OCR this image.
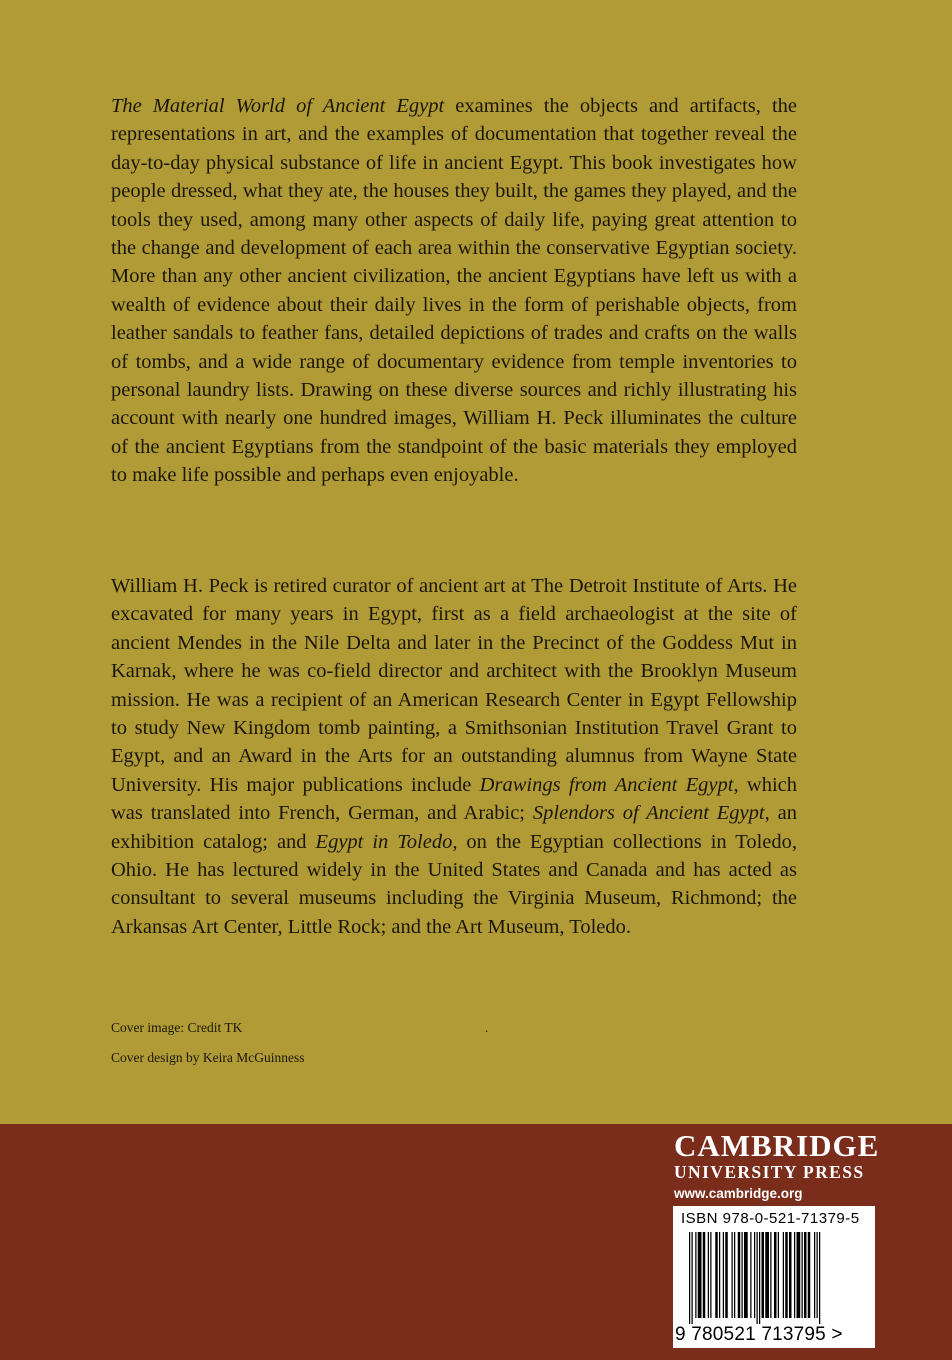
The Material World of Ancient Egypt examines the objects and artifacts, the representations in art, and the examples of documentation that together reveal the day-to-day physical substance of life in ancient Egypt. This book investigates how people dressed, what they ate, the houses they built, the games they played, and the tools they used, among many other aspects of daily life, paying great attention to the change and development of each area within the conservative Egyptian society. More than any other ancient civilization, the ancient Egyptians have left us with a wealth of evidence about their daily lives in the form of perishable objects, from leather sandals to feather fans, detailed depictions of trades and crafts on the walls of tombs, and a wide range of documentary evidence from temple inventories to personal laundry lists. Drawing on these diverse sources and richly illustrating his account with nearly one hundred images, William H. Peck illuminates the culture of the ancient Egyptians from the standpoint of the basic materials they employed to make life possible and perhaps even enjoyable.

William H. Peck is retired curator of ancient art at The Detroit Institute of Arts. He excavated for many years in Egypt, first as a field archaeologist at the site of ancient Mendes in the Nile Delta and later in the Precinct of the Goddess Mut in Karnak, where he was co-field director and architect with the Brooklyn Museum mission. He was a recipient of an American Research Center in Egypt Fellowship to study New Kingdom tomb painting, a Smithsonian Institution Travel Grant to Egypt, and an Award in the Arts for an outstanding alumnus from Wayne State University. His major publications include Drawings from Ancient Egypt, which was translated into French, German, and Arabic; Splendors of Ancient Egypt, an exhibition catalog; and Egypt in Toledo, on the Egyptian collections in Toledo, Ohio. He has lectured widely in the United States and Canada and has acted as consultant to several museums including the Virginia Museum, Richmond; the Arkansas Art Center, Little Rock; and the Art Museum, Toledo.

Cover image: Credit TK	.

Cover design by Keira McGuinness

CAMBRIDGE
UNIVERSITY PRESS
www.cambridge.org
ISBN 978-0-521-71379-5
9 780521 713795 >
